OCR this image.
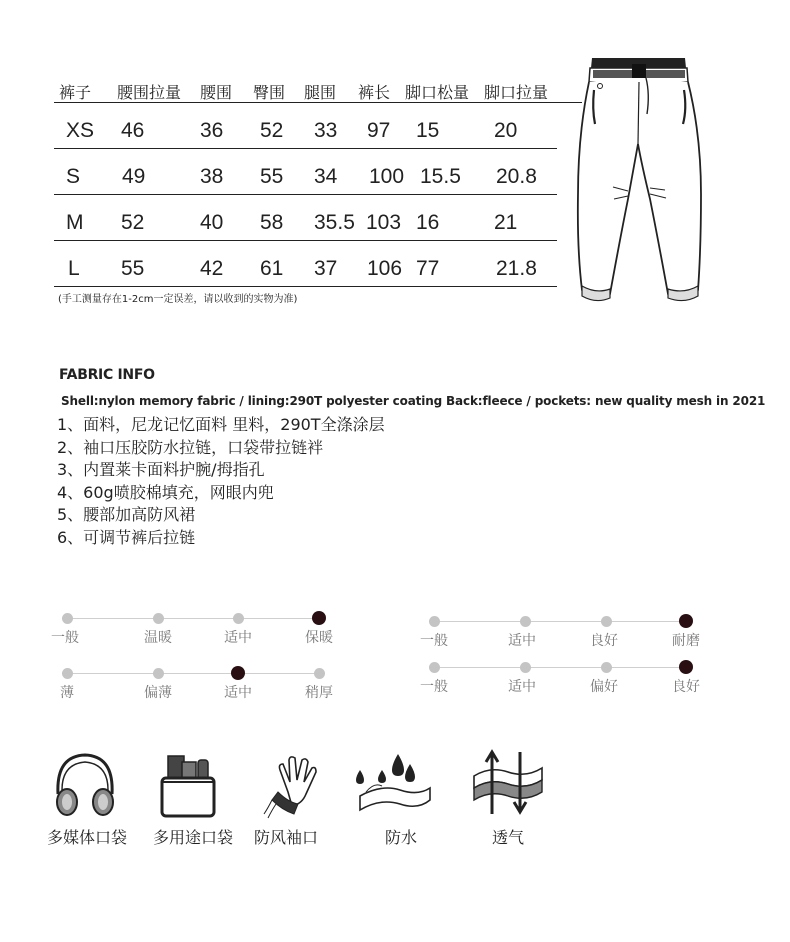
裤子 腰围拉量 腰围 臀围 腿围 裤长 脚口松量 脚口拉量
XS 46	36 52 33 97 15	20
S 49	38 55 34 100 15.5 20.8
M 52	40 58 35.5 103 16	21
L 55	42 61 37 106 77	21.8
(手工测量存在1-2cm一定误差，请以收到的实物为准)
FABRIC INFO
Shell:nylon memory fabric / lining:290T polyester coating Back:fleece / pockets: new quality mesh in 2021
1、面料，尼龙记忆面料 里料，290T全涤涂层
2、袖口压胶防水拉链，口袋带拉链袢
3、内置莱卡面料护腕/拇指孔
4、60g喷胶棉填充，网眼内兜
5、腰部加高防风裙
6、可调节裤后拉链
一般	温暖	适中	保暖
薄	偏薄	适中	稍厚
一般	适中	良好	耐磨
一般	适中	偏好	良好
多媒体口袋 多用途口袋 防风袖口	防水	透气
